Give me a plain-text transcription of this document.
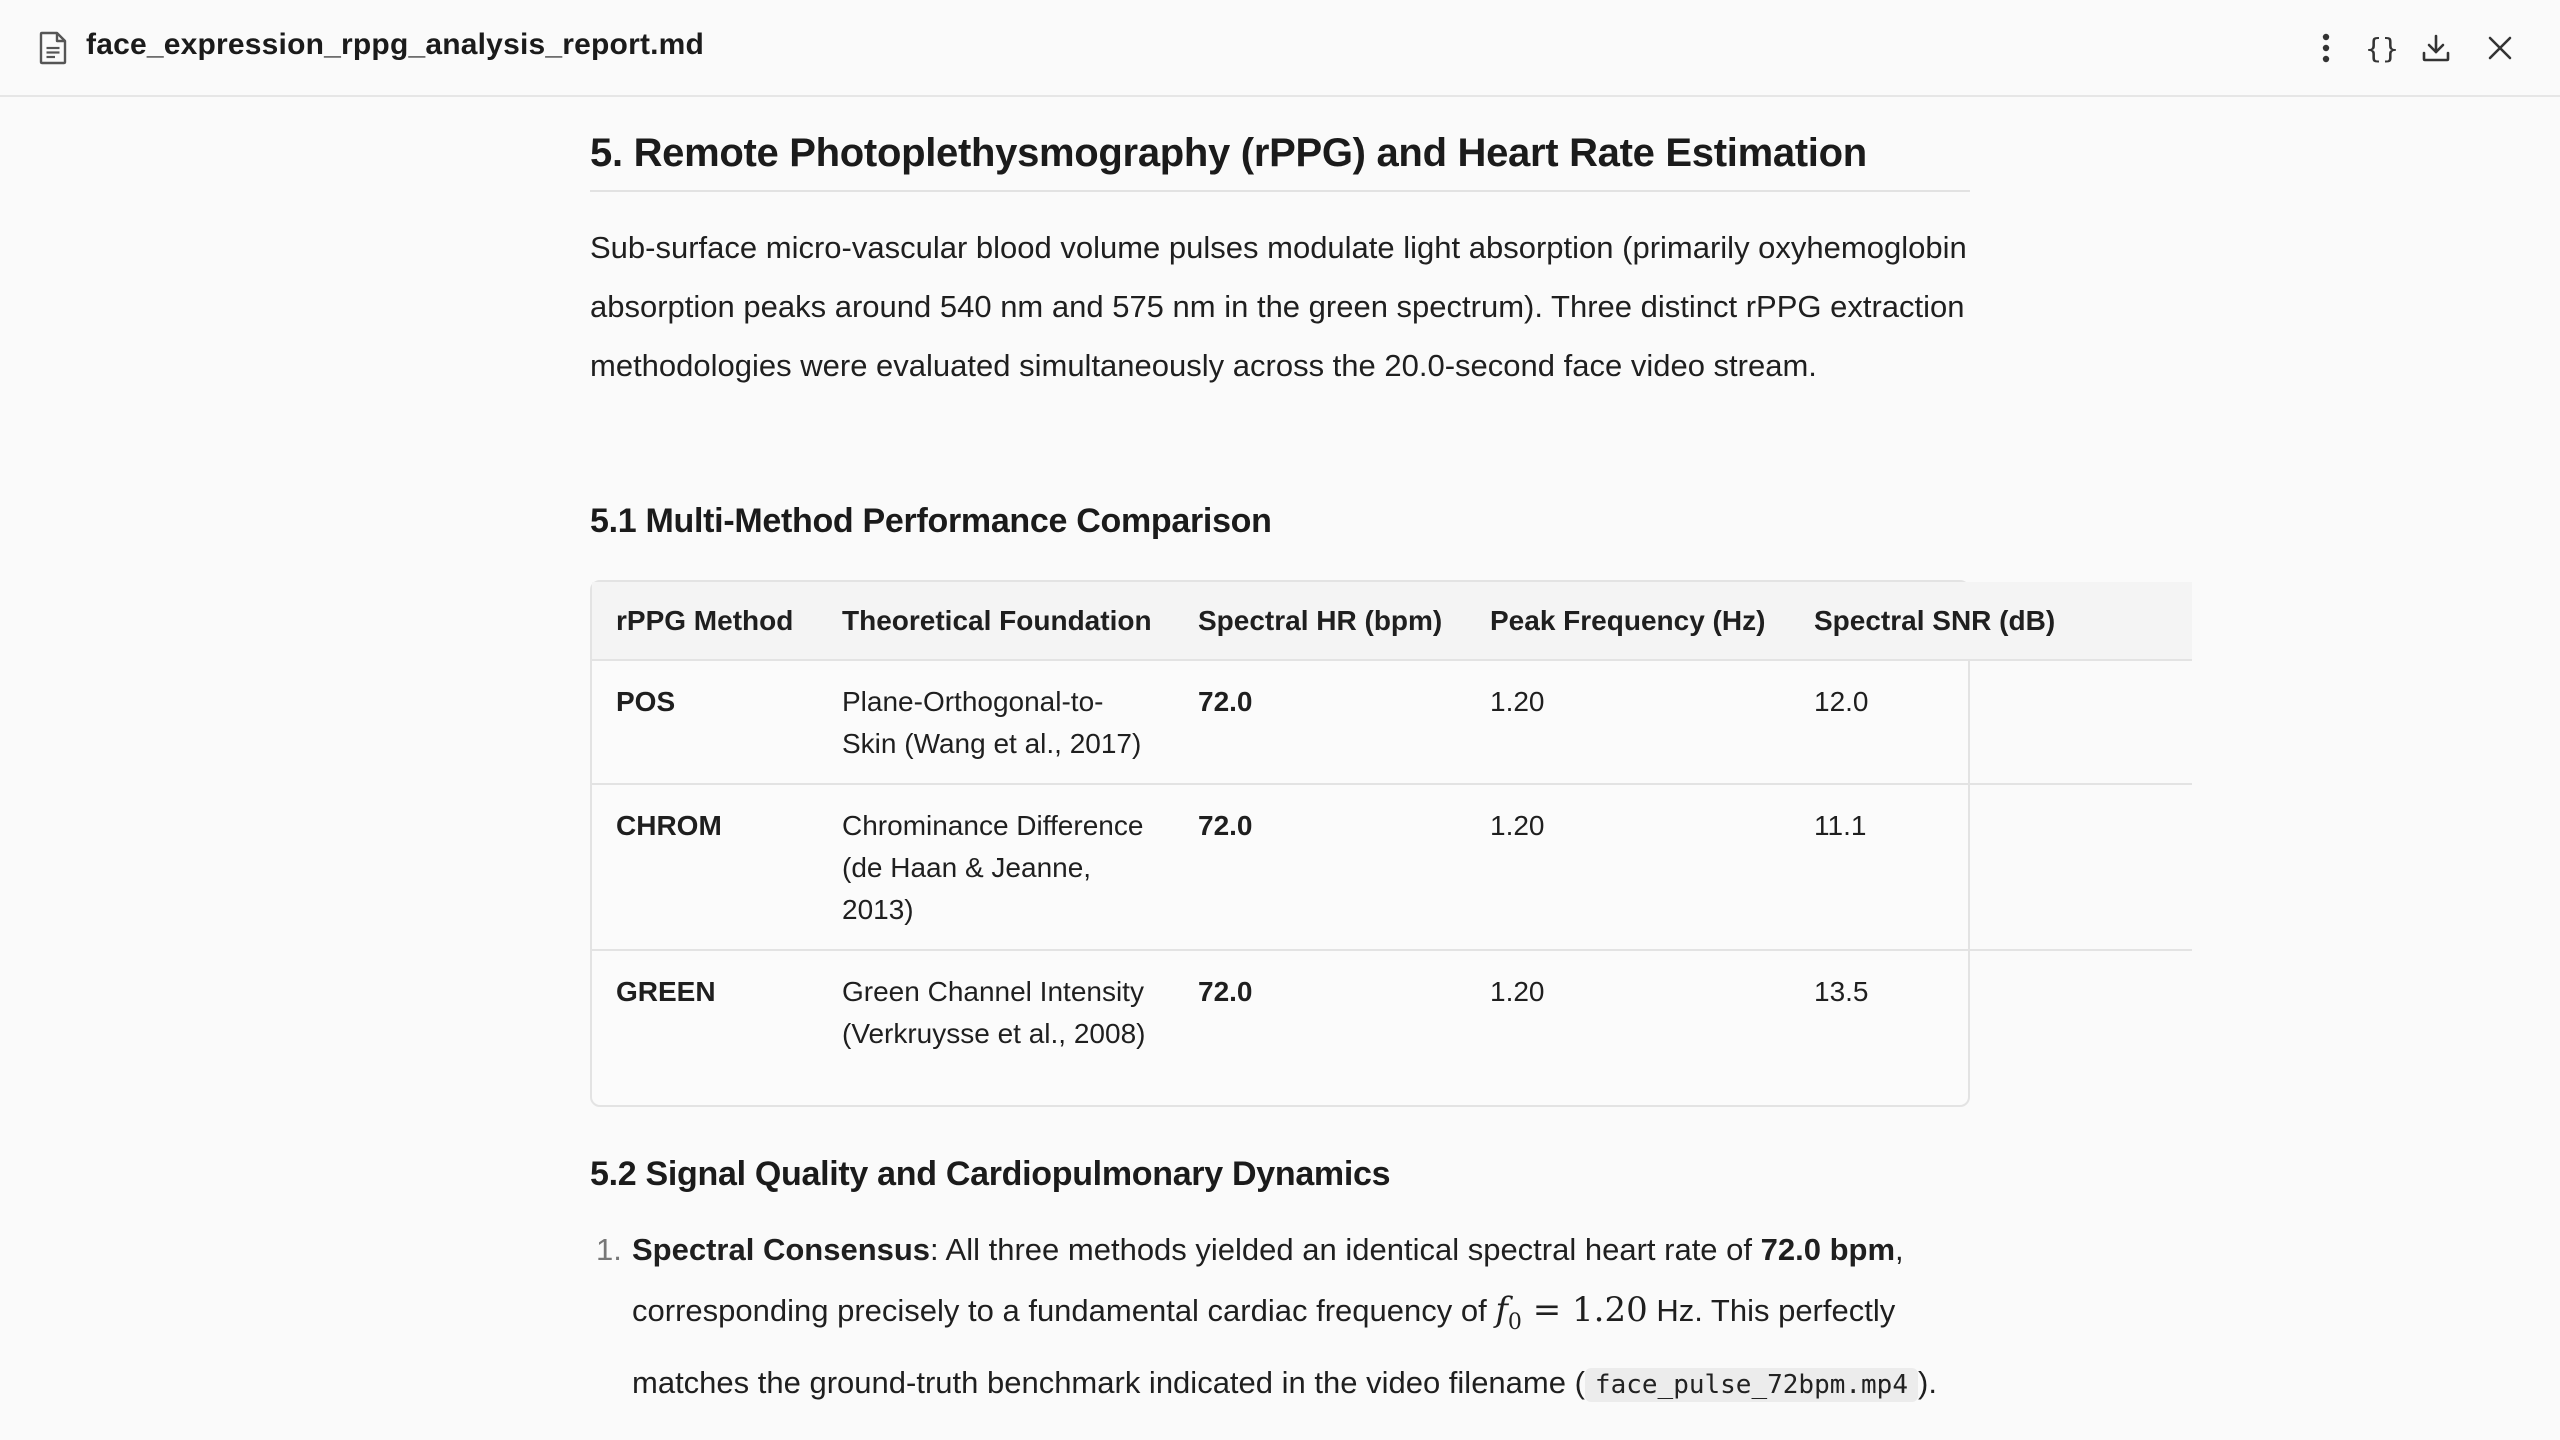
face_expression_rppg_analysis_report.md	{}
5. Remote Photoplethysmography (rPPG) and Heart Rate Estimation

Sub-surface micro-vascular blood volume pulses modulate light absorption (primarily oxyhemoglobin absorption peaks around 540 nm and 575 nm in the green spectrum). Three distinct rPPG extraction methodologies were evaluated simultaneously across the 20.0-second face video stream.

5.1 Multi-Method Performance Comparison
rPPG Method	Theoretical Foundation	Spectral HR (bpm)	Peak Frequency (Hz)	Spectral SNR (dB)
POS	Plane-Orthogonal-to-Skin (Wang et al., 2017)	72.0	1.20	12.0
CHROM	Chrominance Difference (de Haan & Jeanne, 2013)	72.0	1.20	11.1
GREEN	Green Channel Intensity (Verkruysse et al., 2008)	72.0	1.20	13.5
5.2 Signal Quality and Cardiopulmonary Dynamics
1. Spectral Consensus: All three methods yielded an identical spectral heart rate of 72.0 bpm, corresponding precisely to a fundamental cardiac frequency of $f_0 = 1.20$ Hz. This perfectly matches the ground-truth benchmark indicated in the video filename ( face_pulse_72bpm.mp4 ).
